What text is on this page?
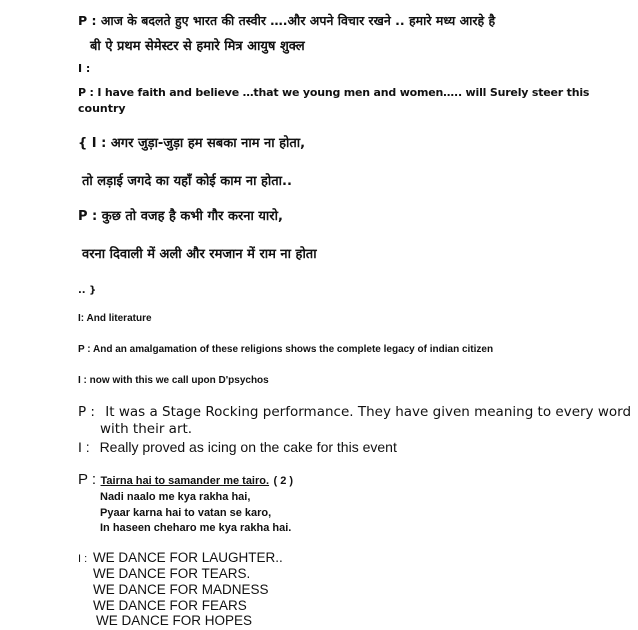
P : आज के बदलते हुए भारत की तस्वीर ….और अपने विचार रखने .. हमारे मध्य आरहे है
बी ऐ प्रथम सेमेस्टर से हमारे मित्र आयुष शुक्ल
I :
P : I have faith and believe …that we young men and women….. will Surely steer this
country
{ I : अगर जुड़ा-जुड़ा हम सबका नाम ना होता,
तो लड़ाई जगदे का यहाँ कोई काम ना होता..
P : कुछ तो वजह है कभी गौर करना यारो,
वरना दिवाली में अली और रमजान में राम ना होता
.. }
I: And literature
P : And an amalgamation of these religions shows the complete legacy of indian citizen
I : now with this we call upon D'psychos
P : It was a Stage Rocking performance. They have given meaning to every word
with their art.
I : Really proved as icing on the cake for this event
P : Tairna hai to samander me tairo. ( 2 )
Nadi naalo me kya rakha hai,
Pyaar karna hai to vatan se karo,
In haseen cheharo me kya rakha hai.
I : WE DANCE FOR LAUGHTER..
WE DANCE FOR TEARS.
WE DANCE FOR MADNESS
WE DANCE FOR FEARS
WE DANCE FOR HOPES
